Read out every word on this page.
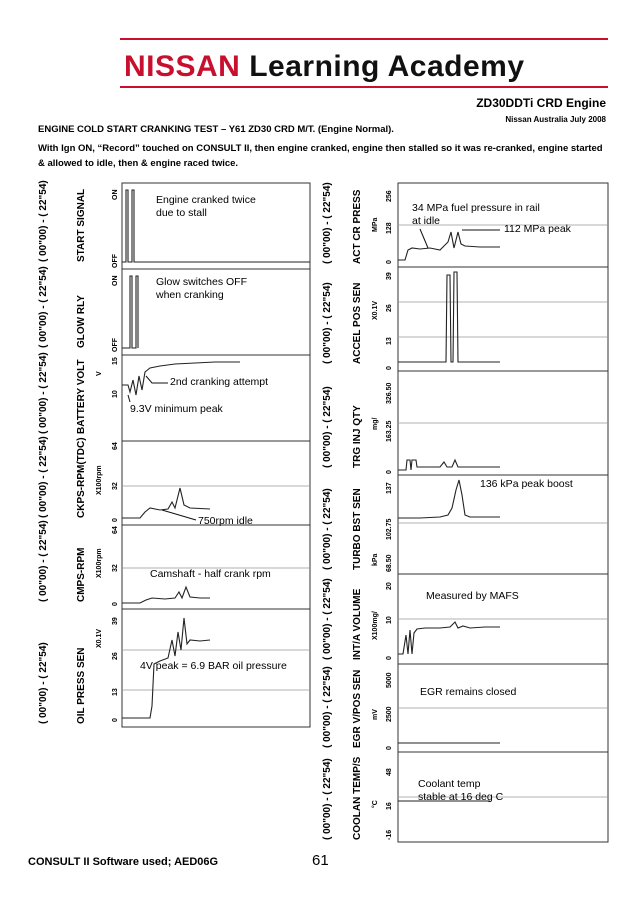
NISSAN Learning Academy
ZD30DDTi CRD Engine
Nissan Australia July 2008
ENGINE COLD START CRANKING TEST – Y61 ZD30 CRD M/T. (Engine Normal).
With Ign ON, “Record” touched on CONSULT II, then engine cranked, engine then stalled so it was re-cranked, engine started & allowed to idle, then & engine raced twice.
( 00"00) - ( 22"54)	START SIGNAL	ON
OFF
( 00"00) - ( 22"54)	GLOW RLY
ON
OFF
( 00"00) - ( 22"54)	BATTERY VOLT V
15
10
( 00"00) - ( 22"54)	CKPS-RPM(TDC) X100rpm
64
32
0
( 00"00) - ( 22"54)	CMPS-RPM X100rpm
64
32
0
( 00"00) - ( 22"54)	OIL PRESS SEN
X0.1V
39
26
13
0
( 00"00) - ( 22"54) ACT CR PRESS MPa
256
128
0
( 00"00) - ( 22"54) ACCEL POS SEN X0.1V
39
26
13
0
( 00"00) - ( 22"54) TRG INJ QTY mg/
326.50
163.25
0
( 00"00) - ( 22"54) TURBO BST SEN kPa
137
102.75
68.50
( 00"00) - ( 22"54) INT/A VOLUME X100mg/
20
10
0
( 00"00) - ( 22"54) EGR V/POS SEN mV
5000
2500
0
( 00"00) - ( 22"54) COOLAN TEMP/S °C
48
16
-16
Engine cranked twice
due to stall
Glow switches OFF
when cranking
2nd cranking attempt
9.3V minimum peak
750rpm idle
Camshaft - half crank rpm
4V peak = 6.9 BAR oil pressure
34 MPa fuel pressure in rail
at idle
112 MPa peak
136 kPa peak boost
Measured by MAFS
EGR remains closed
Coolant temp
stable at 16 deg C
CONSULT II Software used; AED06G	61
